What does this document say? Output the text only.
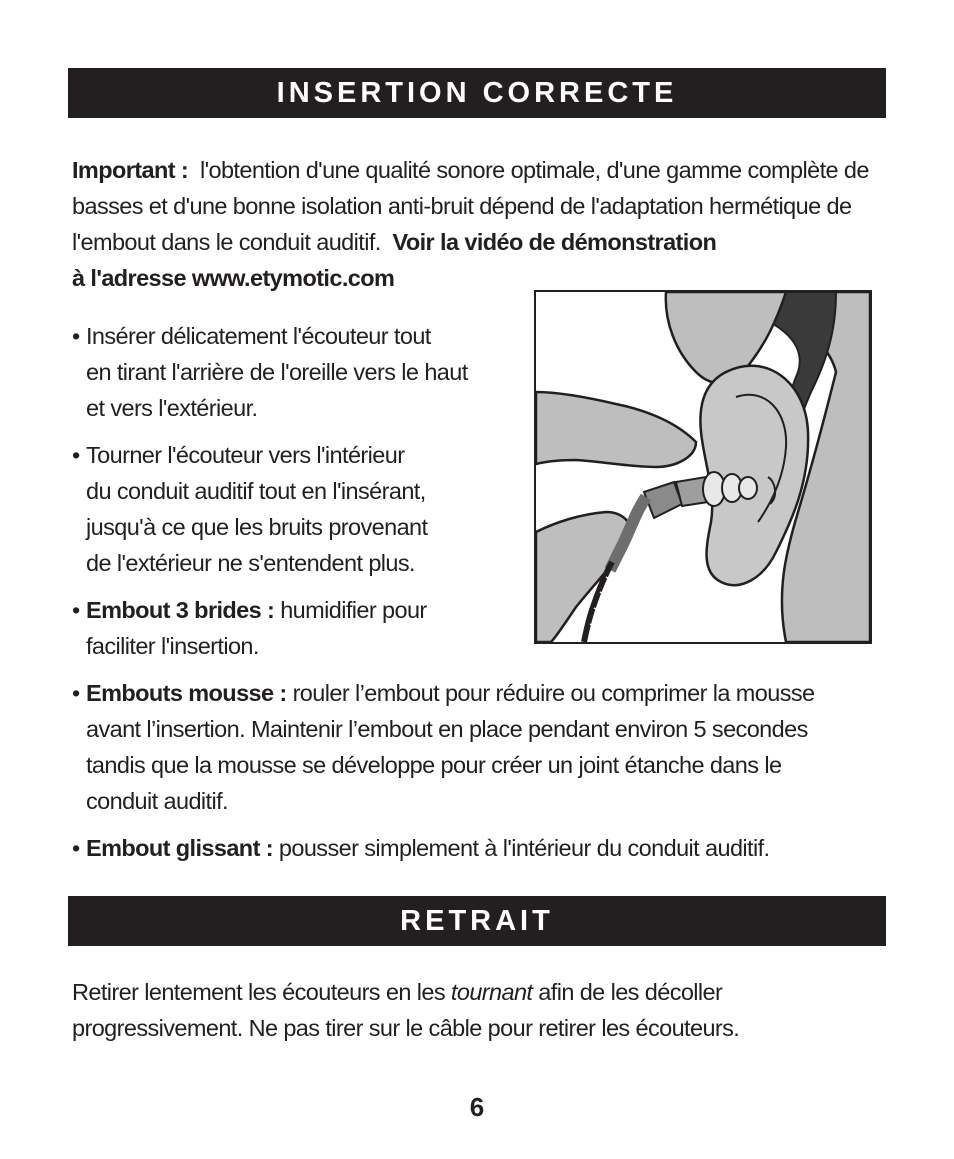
INSERTION CORRECTE
Important : l'obtention d'une qualité sonore optimale, d'une gamme complète de basses et d'une bonne isolation anti-bruit dépend de l'adaptation hermétique de l'embout dans le conduit auditif. Voir la vidéo de démonstration
à l'adresse www.etymotic.com
• Insérer délicatement l'écouteur tout
en tirant l'arrière de l'oreille vers le haut
et vers l'extérieur.
• Tourner l'écouteur vers l'intérieur
du conduit auditif tout en l'insérant,
jusqu'à ce que les bruits provenant
de l'extérieur ne s'entendent plus.
• Embout 3 brides : humidifier pour
faciliter l'insertion.
• Embouts mousse : rouler l’embout pour réduire ou comprimer la mousse
avant l’insertion. Maintenir l’embout en place pendant environ 5 secondes
tandis que la mousse se développe pour créer un joint étanche dans le
conduit auditif.
• Embout glissant : pousser simplement à l'intérieur du conduit auditif.
RETRAIT
Retirer lentement les écouteurs en les tournant afin de les décoller
progressivement. Ne pas tirer sur le câble pour retirer les écouteurs.
6
